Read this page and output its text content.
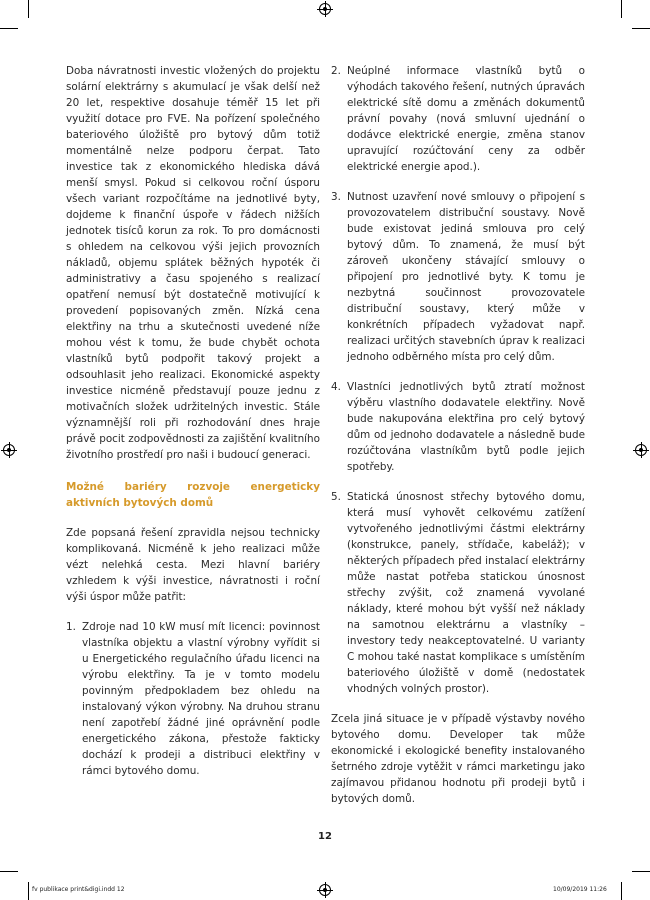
Doba návratnosti investic vložených do projektu solární elektrárny s akumulací je však delší než 20 let, respektive dosahuje téměř 15 let při využití dotace pro FVE. Na pořízení společného bateriového úložiště pro bytový dům totiž momentálně nelze podporu čerpat. Tato investice tak z ekonomického hlediska dává menší smysl. Pokud si celkovou roční úsporu všech variant rozpočítáme na jednotlivé byty, dojdeme k finanční úspoře v řádech nižších jednotek tisíců korun za rok. To pro domácnosti s ohledem na celkovou výši jejich provozních nákladů, objemu splátek běžných hypoték či administrativy a času spojeného s realizací opatření nemusí být dostatečně motivující k provedení popisovaných změn. Nízká cena elektřiny na trhu a skutečnosti uvedené níže mohou vést k tomu, že bude chybět ochota vlastníků bytů podpořit takový projekt a odsouhlasit jeho realizaci. Ekonomické aspekty investice nicméně představují pouze jednu z motivačních složek udržitelných investic. Stále významnější roli při rozhodování dnes hraje právě pocit zodpovědnosti za zajištění kvalitního životního prostředí pro naši i budoucí generaci.

Možné bariéry rozvoje energeticky aktivních bytových domů

Zde popsaná řešení zpravidla nejsou technicky komplikovaná. Nicméně k jeho realizaci může vézt nelehká cesta. Mezi hlavní bariéry vzhledem k výši investice, návratnosti i roční výši úspor může patřit:

1. Zdroje nad 10 kW musí mít licenci: povinnost vlastníka objektu a vlastní výrobny vyřídit si u Energetického regulačního úřadu licenci na výrobu elektřiny. Ta je v tomto modelu povinným předpokladem bez ohledu na instalovaný výkon výrobny. Na druhou stranu není zapotřebí žádné jiné oprávnění podle energetického zákona, přestože fakticky dochází k prodeji a distribuci elektřiny v rámci bytového domu.
2. Neúplné informace vlastníků bytů o výhodách takového řešení, nutných úpravách elektrické sítě domu a změnách dokumentů právní povahy (nová smluvní ujednání o dodávce elektrické energie, změna stanov upravující rozúčtování ceny za odběr elektrické energie apod.).
3. Nutnost uzavření nové smlouvy o připojení s provozovatelem distribuční soustavy. Nově bude existovat jediná smlouva pro celý bytový dům. To znamená, že musí být zároveň ukončeny stávající smlouvy o připojení pro jednotlivé byty. K tomu je nezbytná součinnost provozovatele distribuční soustavy, který může v konkrétních případech vyžadovat např. realizaci určitých stavebních úprav k realizaci jednoho odběrného místa pro celý dům.
4. Vlastníci jednotlivých bytů ztratí možnost výběru vlastního dodavatele elektřiny. Nově bude nakupována elektřina pro celý bytový dům od jednoho dodavatele a následně bude rozúčtována vlastníkům bytů podle jejich spotřeby.
5. Statická únosnost střechy bytového domu, která musí vyhovět celkovému zatížení vytvořeného jednotlivými částmi elektrárny (konstrukce, panely, střídače, kabeláž); v některých případech před instalací elektrárny může nastat potřeba statickou únosnost střechy zvýšit, což znamená vyvolané náklady, které mohou být vyšší než náklady na samotnou elektrárnu a vlastníky – investory tedy neakceptovatelné. U varianty C mohou také nastat komplikace s umístěním bateriového úložiště v domě (nedostatek vhodných volných prostor).

Zcela jiná situace je v případě výstavby nového bytového domu. Developer tak může ekonomické i ekologické benefity instalovaného šetrného zdroje vytěžit v rámci marketingu jako zajímavou přidanou hodnotu při prodeji bytů i bytových domů.

12
fv publikace print&digi.indd 12	10/09/2019 11:26
